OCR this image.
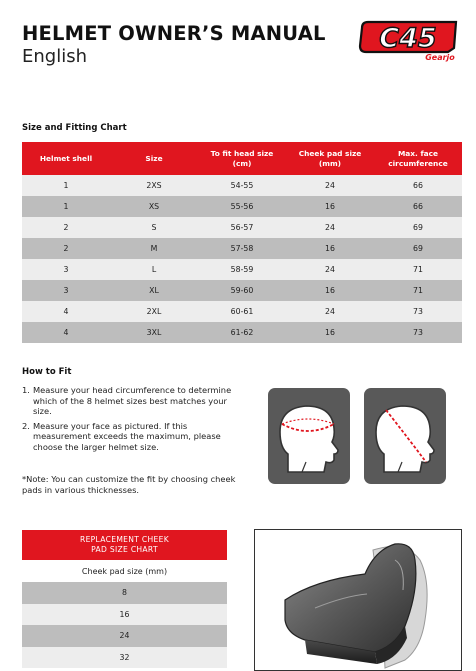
HELMET OWNER’S MANUAL
English
C45
Gearjo
Size and Fitting Chart
Helmet shell	Size	To fit head size (cm)	Cheek pad size (mm)	Max. face circumference
1	2XS	54-55	24	66
1	XS	55-56	16	66
2	S	56-57	24	69
2	M	57-58	16	69
3	L	58-59	24	71
3	XL	59-60	16	71
4	2XL	60-61	24	73
4	3XL	61-62	16	73
How to Fit
1. Measure your head circumference to determine which of the 8 helmet sizes best matches your size.
2. Measure your face as pictured. If this measurement exceeds the maximum, please choose the larger helmet size.
*Note: You can customize the fit by choosing cheek pads in various thicknesses.
REPLACEMENT CHEEK
PAD SIZE CHART

Cheek pad size (mm)
8
16
24
32
